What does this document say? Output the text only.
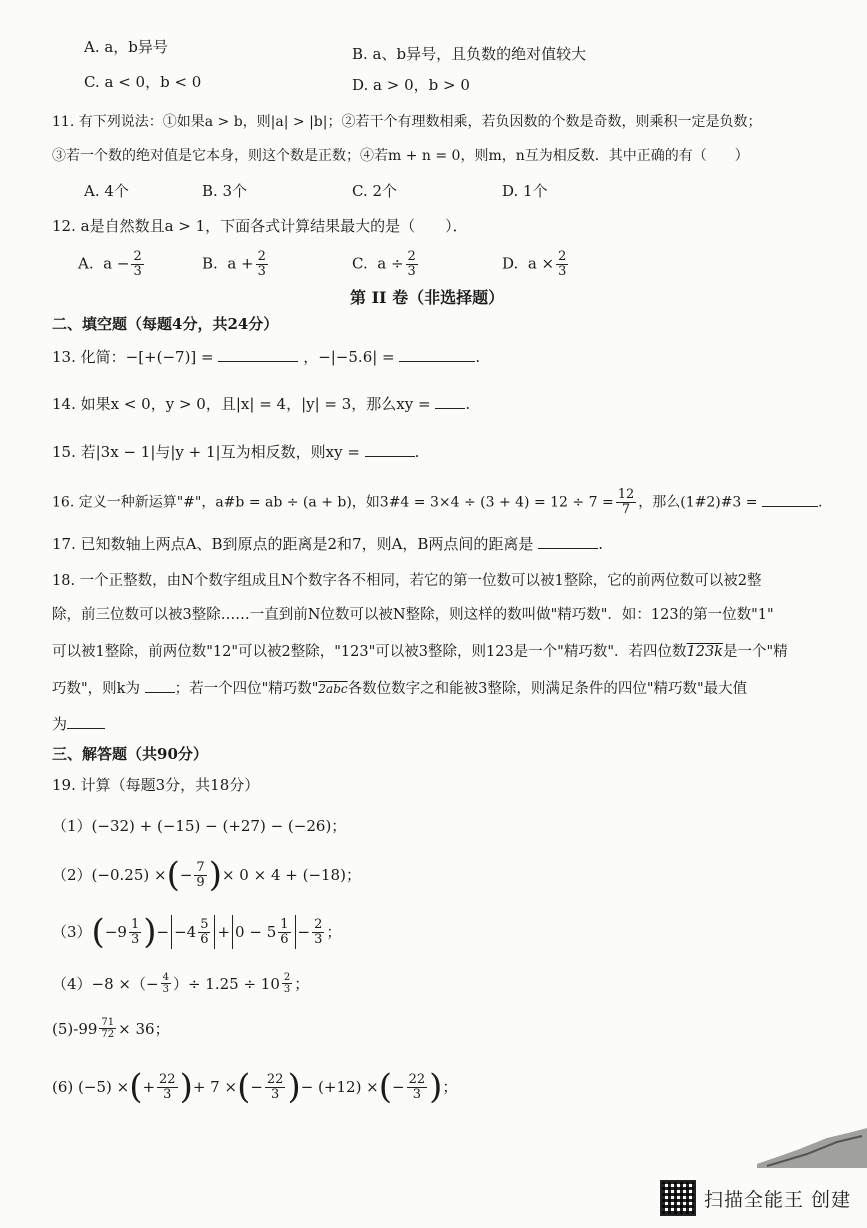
A. a，b异号	B. a、b异号，且负数的绝对值较大
C. a < 0，b < 0	D. a > 0，b > 0
11. 有下列说法：①如果a > b，则|a| > |b|；②若干个有理数相乘，若负因数的个数是奇数，则乘积一定是负数；
③若一个数的绝对值是它本身，则这个数是正数；④若m + n = 0，则m，n互为相反数．其中正确的有（　　）
A. 4个	B. 3个	C. 2个	D. 1个
12. a是自然数且a > 1，下面各式计算结果最大的是（　　）．
A. $a - \frac{2}{3}$	B. $a + \frac{2}{3}$	C. $a \div \frac{2}{3}$	D. $a \times \frac{2}{3}$
第 II 卷（非选择题）
二、填空题（每题4分，共24分）
13. 化简：−[+(−7)] =	，−|−5.6| =	.
14. 如果x < 0，y > 0，且|x| = 4，|y| = 3，那么xy = .
15. 若|3x − 1|与|y + 1|互为相反数，则xy =	.
16. 定义一种新运算"#"，a#b = ab ÷ (a + b)，如3#4 = $3\times 4 \div (3 + 4) = 12 \div 7 = \frac{12}{7}$ ，那么(1#2)#3 =	.
17. 已知数轴上两点A、B到原点的距离是2和7，则A，B两点间的距离是	.
18. 一个正整数，由N个数字组成且N个数字各不相同，若它的第一位数可以被1整除，它的前两位数可以被2整
除，前三位数可以被3整除……一直到前N位数可以被N整除，则这样的数叫做"精巧数"．如：123的第一位数"1"
可以被1整除，前两位数"12"可以被2整除，"123"可以被3整除，则123是一个"精巧数"．若四位数123k是一个"精
巧数"，则k为 ；若一个四位"精巧数"2abc各数位数字之和能被3整除，则满足条件的四位"精巧数"最大值
为
三、解答题（共90分）
19. 计算（每题3分，共18分）
（1）(−32) + (−15) − (+27) − (−26)；
（2）(−0.25) × ( − $\frac{7}{9}$ ) × 0 × 4 + (−18)；
（3） ( $-9 \frac{1}{3}$ ) − $-4 \frac{5}{6} + 0 - 5 \frac{1}{6} - \frac{2}{3}$ ；
（4）−8 ×（− $\frac{4}{3}$ ）÷ $1.25 \div 10 \frac{2}{3}$ ；
$(5)-99 \frac{71}{72} \times 36$；
(6)
(−5) × ( + $\frac{22}{3}$ ) + 7 × ( − $\frac{22}{3}$ ) − (+12) × ( − $\frac{22}{3}$ ) ；
扫描全能王 创建
